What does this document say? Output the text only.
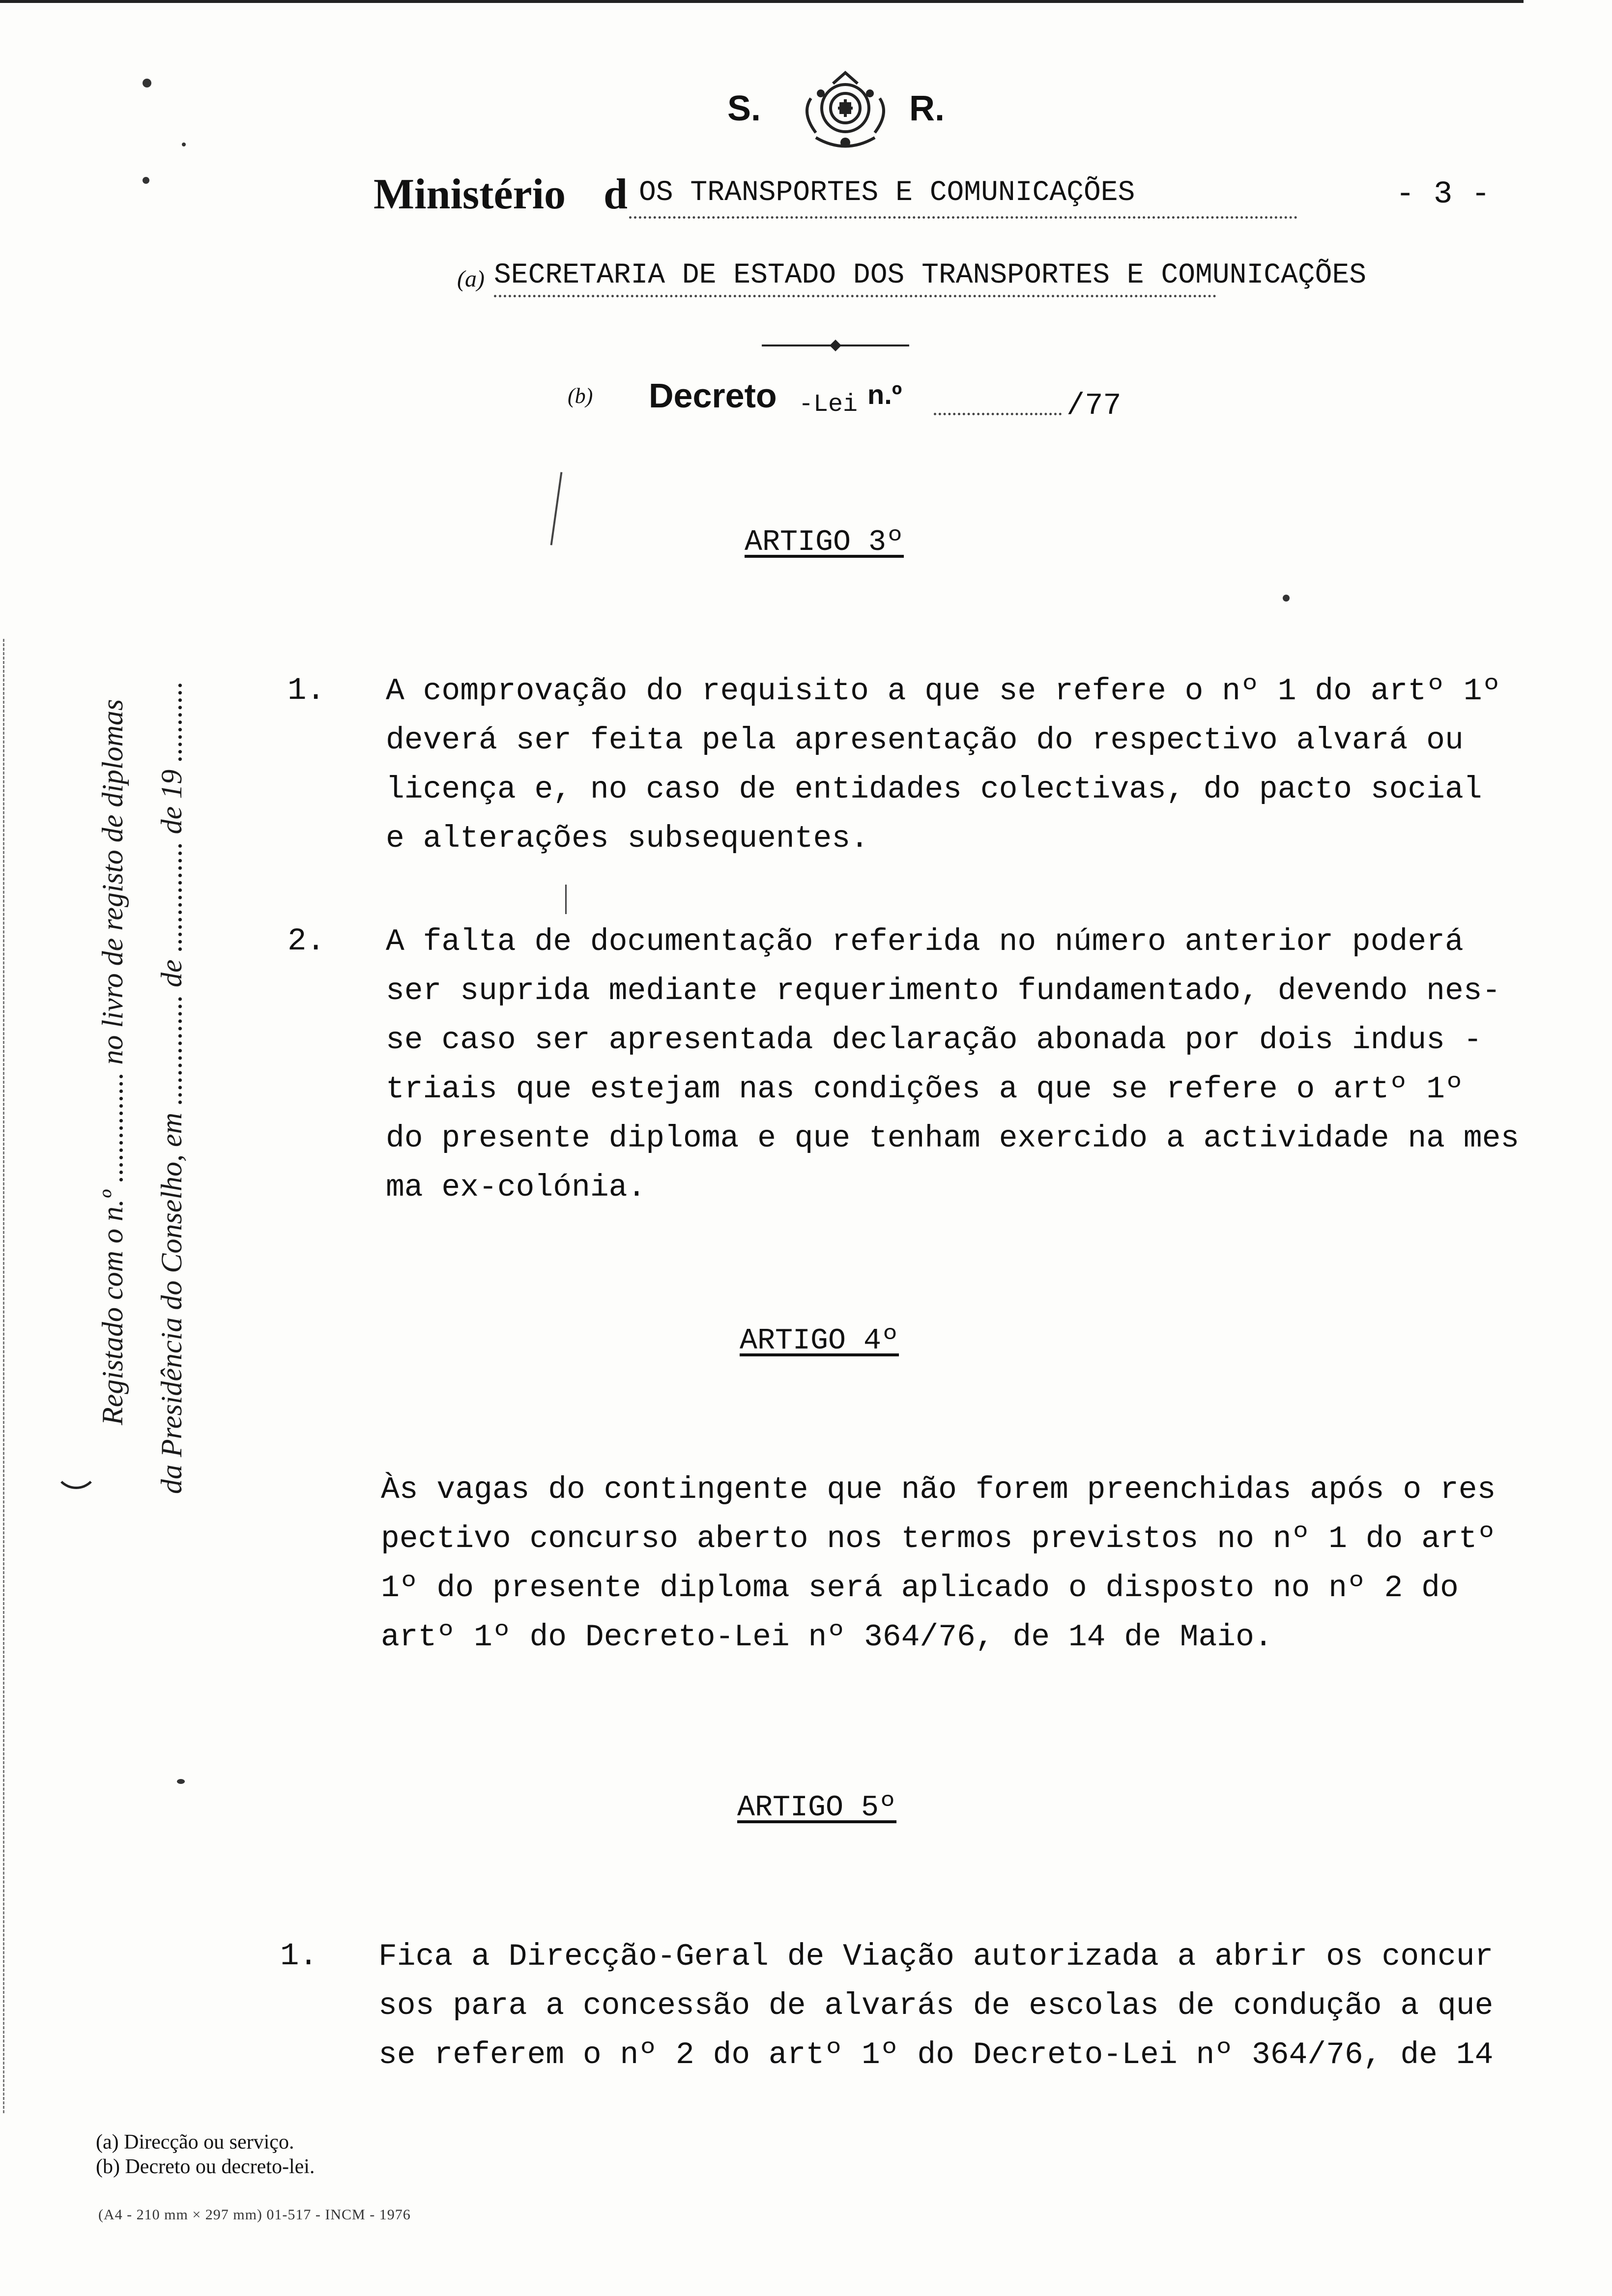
S.	R.
Ministério d OS TRANSPORTES E COMUNICAÇÕES	- 3 -
(a) SECRETARIA DE ESTADO DOS TRANSPORTES E COMUNICAÇÕES
(b) Decreto -Lei n.º	/77
ARTIGO 3º
1. A comprovação do requisito a que se refere o nº 1 do artº 1º
deverá ser feita pela apresentação do respectivo alvará ou
licença e, no caso de entidades colectivas, do pacto social
e alterações subsequentes.
2. A falta de documentação referida no número anterior poderá
ser suprida mediante requerimento fundamentado, devendo nes-
se caso ser apresentada declaração abonada por dois indus -
triais que estejam nas condições a que se refere o artº 1º
do presente diploma e que tenham exercido a actividade na mes
ma ex-colónia.
ARTIGO 4º
Às vagas do contingente que não forem preenchidas após o res
pectivo concurso aberto nos termos previstos no nº 1 do artº
1º do presente diploma será aplicado o disposto no nº 2 do
artº 1º do Decreto-Lei nº 364/76, de 14 de Maio.
ARTIGO 5º
1. Fica a Direcção-Geral de Viação autorizada a abrir os concur
sos para a concessão de alvarás de escolas de condução a que
se referem o nº 2 do artº 1º do Decreto-Lei nº 364/76, de 14
Registado com o n.º ............... no livro de registo de diplomas da Presidência do Conselho, em ............... de ............... de 19 ...........
(a) Direcção ou serviço.
(b) Decreto ou decreto-lei.
(A4 - 210 mm × 297 mm) 01-517 - INCM - 1976
